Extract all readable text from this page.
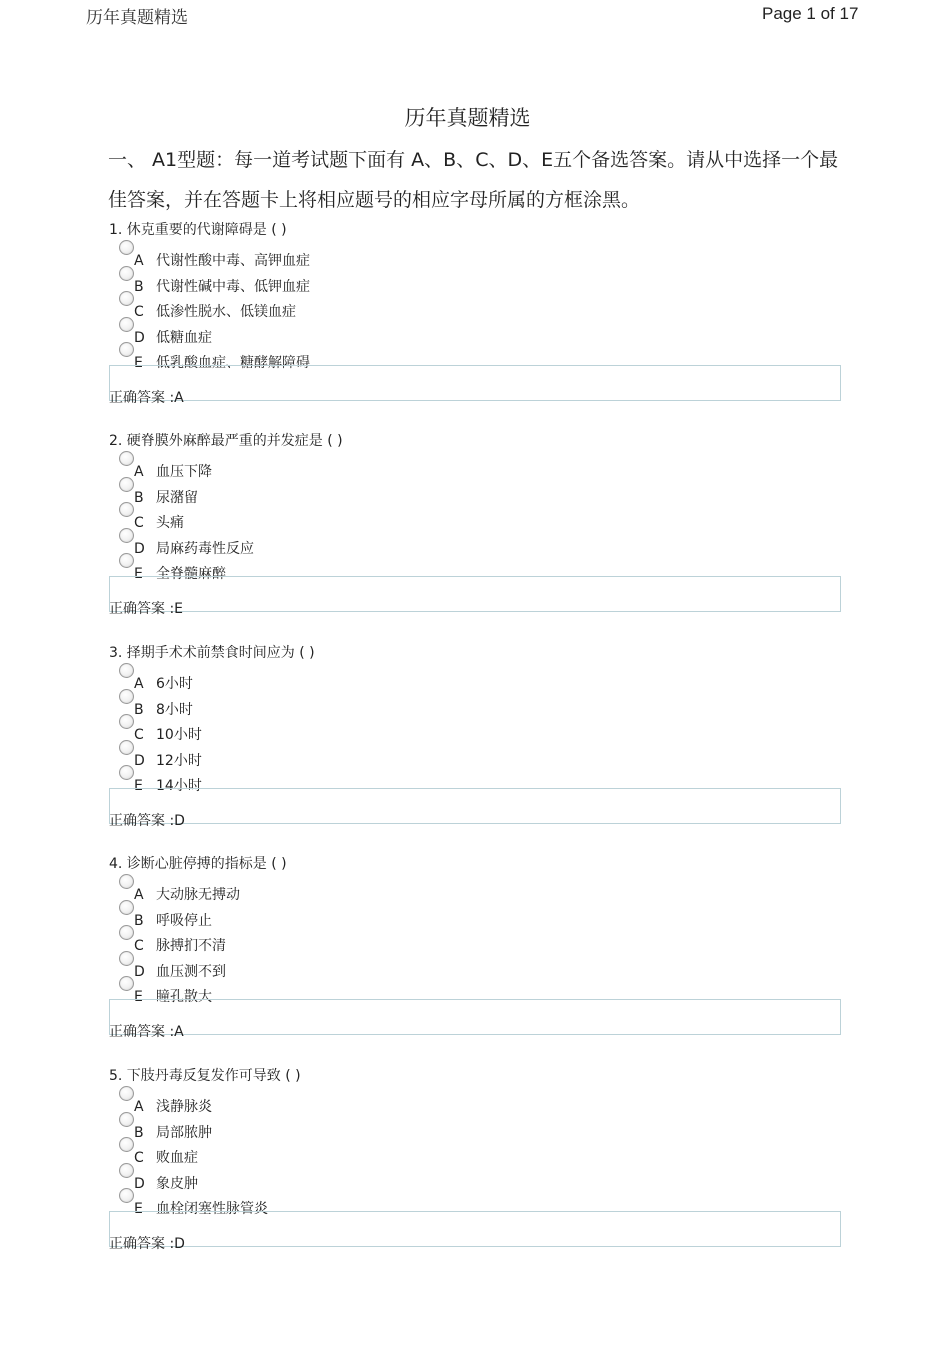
历年真题精选	Page 1 of 17
历年真题精选
一、 A1型题：每一道考试题下面有 A、B、C、D、E五个备选答案。请从中选择一个最佳答案，并在答题卡上将相应题号的相应字母所属的方框涂黑。
1. 休克重要的代谢障碍是 ( )
A 代谢性酸中毒、高钾血症
B 代谢性碱中毒、低钾血症
C 低渗性脱水、低镁血症
D 低糖血症
E 低乳酸血症、糖酵解障碍
正确答案 :A
2. 硬脊膜外麻醉最严重的并发症是 ( )
A 血压下降
B 尿潴留
C 头痛
D 局麻药毒性反应
E 全脊髓麻醉
正确答案 :E
3. 择期手术术前禁食时间应为 ( )
A 6小时
B 8小时
C 10小时
D 12小时
E 14小时
正确答案 :D
4. 诊断心脏停搏的指标是 ( )
A 大动脉无搏动
B 呼吸停止
C 脉搏扪不清
D 血压测不到
E 瞳孔散大
正确答案 :A
5. 下肢丹毒反复发作可导致 ( )
A 浅静脉炎
B 局部脓肿
C 败血症
D 象皮肿
E 血栓闭塞性脉管炎
正确答案 :D
